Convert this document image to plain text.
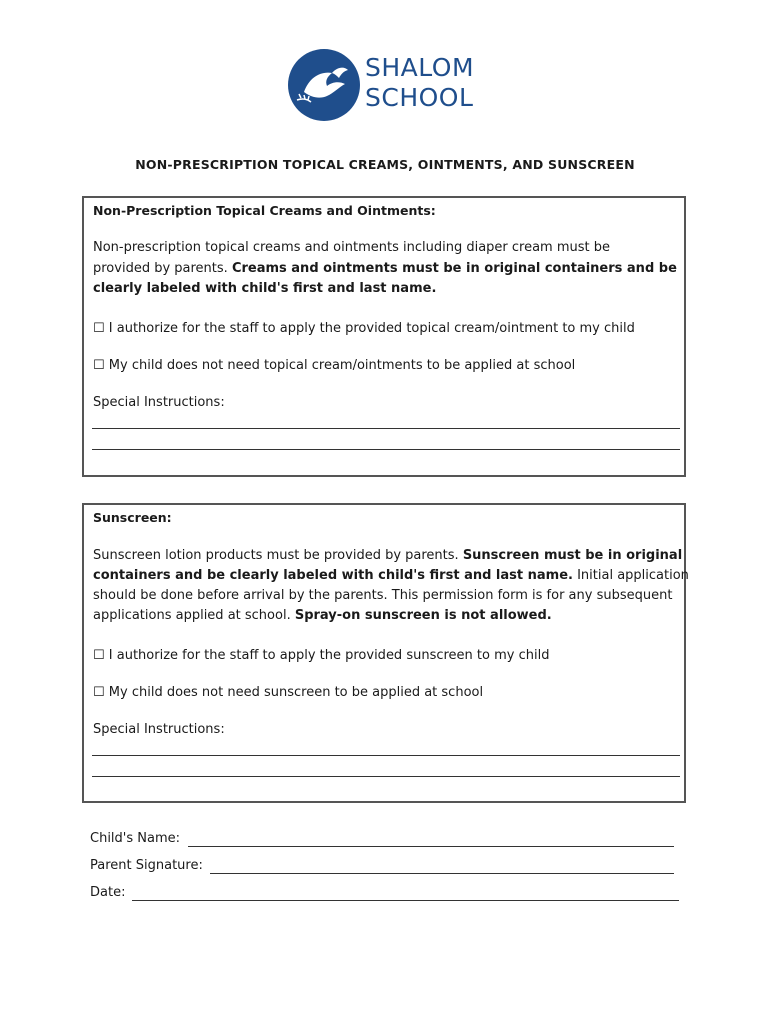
SHALOM
SCHOOL
NON-PRESCRIPTION TOPICAL CREAMS, OINTMENTS, AND SUNSCREEN
Non-Prescription Topical Creams and Ointments:
Non-prescription topical creams and ointments including diaper cream must be
provided by parents. Creams and ointments must be in original containers and be
clearly labeled with child's first and last name.
☐ I authorize for the staff to apply the provided topical cream/ointment to my child
☐ My child does not need topical cream/ointments to be applied at school
Special Instructions:
Sunscreen:
Sunscreen lotion products must be provided by parents. Sunscreen must be in original
containers and be clearly labeled with child's first and last name. Initial application
should be done before arrival by the parents. This permission form is for any subsequent
applications applied at school. Spray-on sunscreen is not allowed.
☐ I authorize for the staff to apply the provided sunscreen to my child
☐ My child does not need sunscreen to be applied at school
Special Instructions:
Child's Name:
Parent Signature:
Date:
